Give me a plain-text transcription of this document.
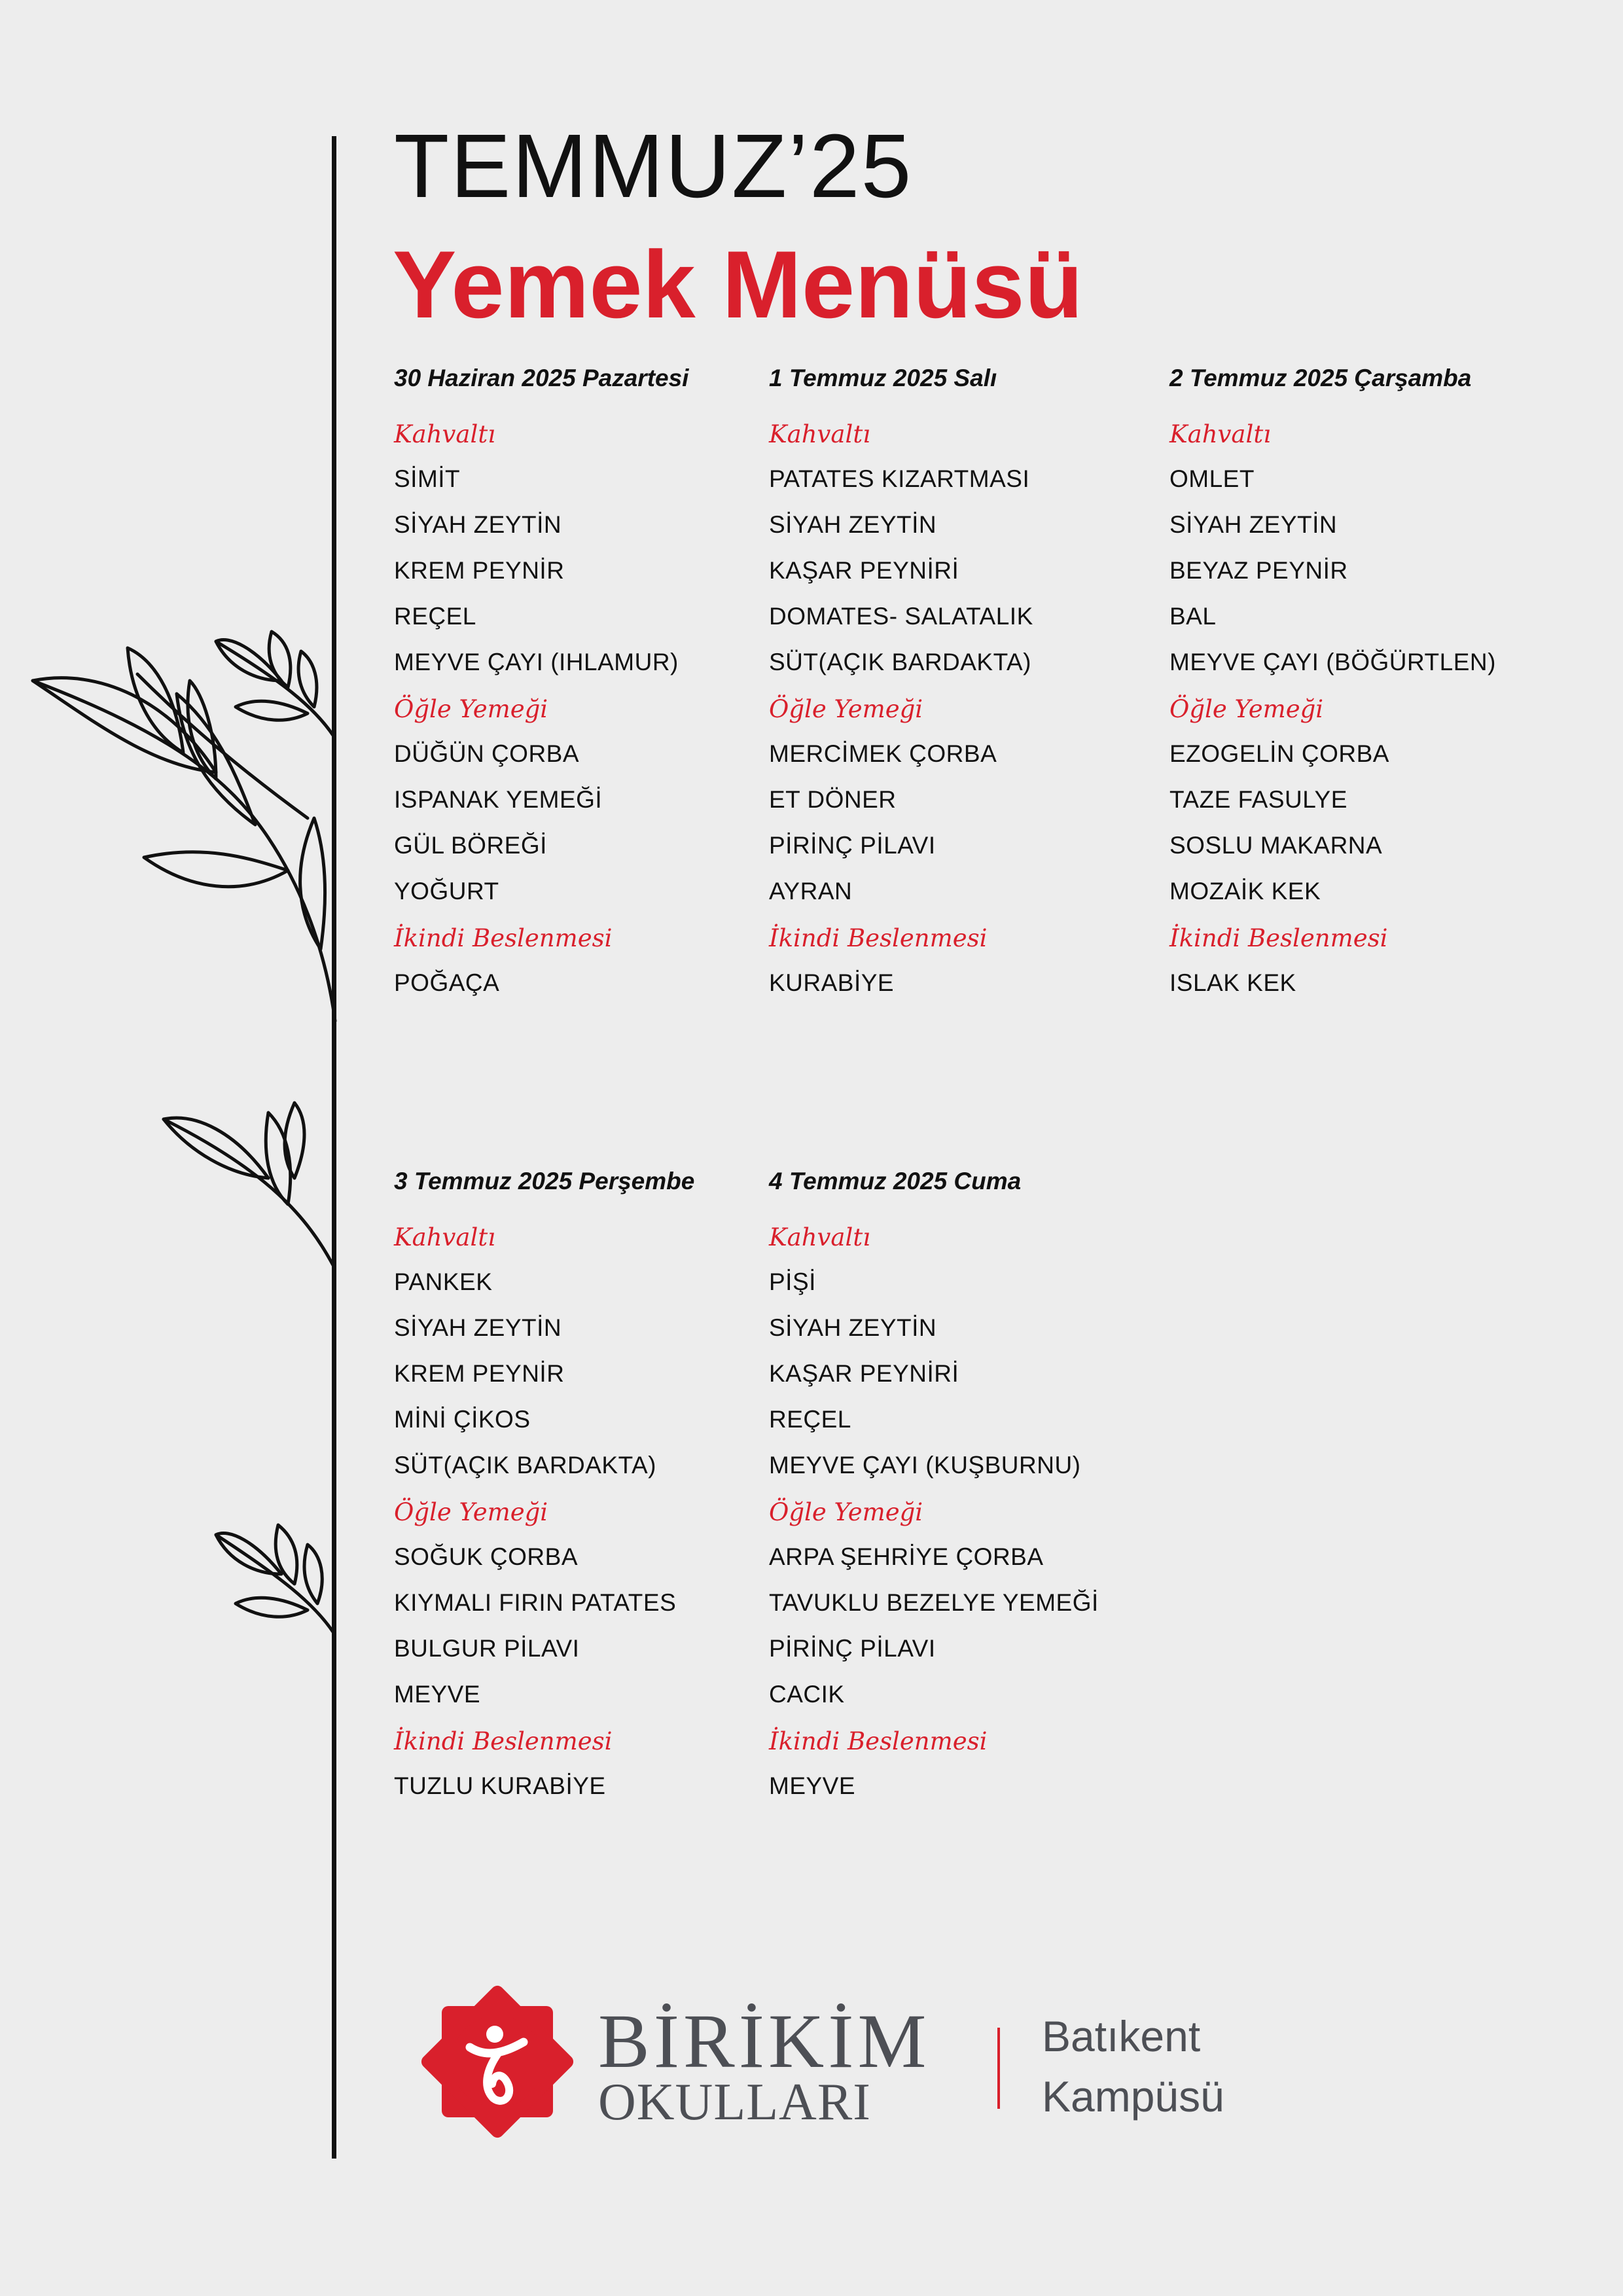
TEMMUZ’25
Yemek Menüsü
30 Haziran 2025 Pazartesi
Kahvaltı
SİMİT
SİYAH ZEYTİN
KREM PEYNİR
REÇEL
MEYVE ÇAYI (IHLAMUR)
Öğle Yemeği
DÜĞÜN ÇORBA
ISPANAK YEMEĞİ
GÜL BÖREĞİ
YOĞURT
İkindi Beslenmesi
POĞAÇA
1 Temmuz 2025 Salı
Kahvaltı
PATATES KIZARTMASI
SİYAH ZEYTİN
KAŞAR PEYNİRİ
DOMATES- SALATALIK
SÜT(AÇIK BARDAKTA)
Öğle Yemeği
MERCİMEK ÇORBA
ET DÖNER
PİRİNÇ PİLAVI
AYRAN
İkindi Beslenmesi
KURABİYE
2 Temmuz 2025 Çarşamba
Kahvaltı
OMLET
SİYAH ZEYTİN
BEYAZ PEYNİR
BAL
MEYVE ÇAYI (BÖĞÜRTLEN)
Öğle Yemeği
EZOGELİN ÇORBA
TAZE FASULYE
SOSLU MAKARNA
MOZAİK KEK
İkindi Beslenmesi
ISLAK KEK
3 Temmuz 2025 Perşembe
Kahvaltı
PANKEK
SİYAH ZEYTİN
KREM PEYNİR
MİNİ ÇİKOS
SÜT(AÇIK BARDAKTA)
Öğle Yemeği
SOĞUK ÇORBA
KIYMALI FIRIN PATATES
BULGUR PİLAVI
MEYVE
İkindi Beslenmesi
TUZLU KURABİYE
4 Temmuz 2025 Cuma
Kahvaltı
PİŞİ
SİYAH ZEYTİN
KAŞAR PEYNİRİ
REÇEL
MEYVE ÇAYI (KUŞBURNU)
Öğle Yemeği
ARPA ŞEHRİYE ÇORBA
TAVUKLU BEZELYE YEMEĞİ
PİRİNÇ PİLAVI
CACIK
İkindi Beslenmesi
MEYVE
BİRİKİM
OKULLARI
Batıkent
Kampüsü
